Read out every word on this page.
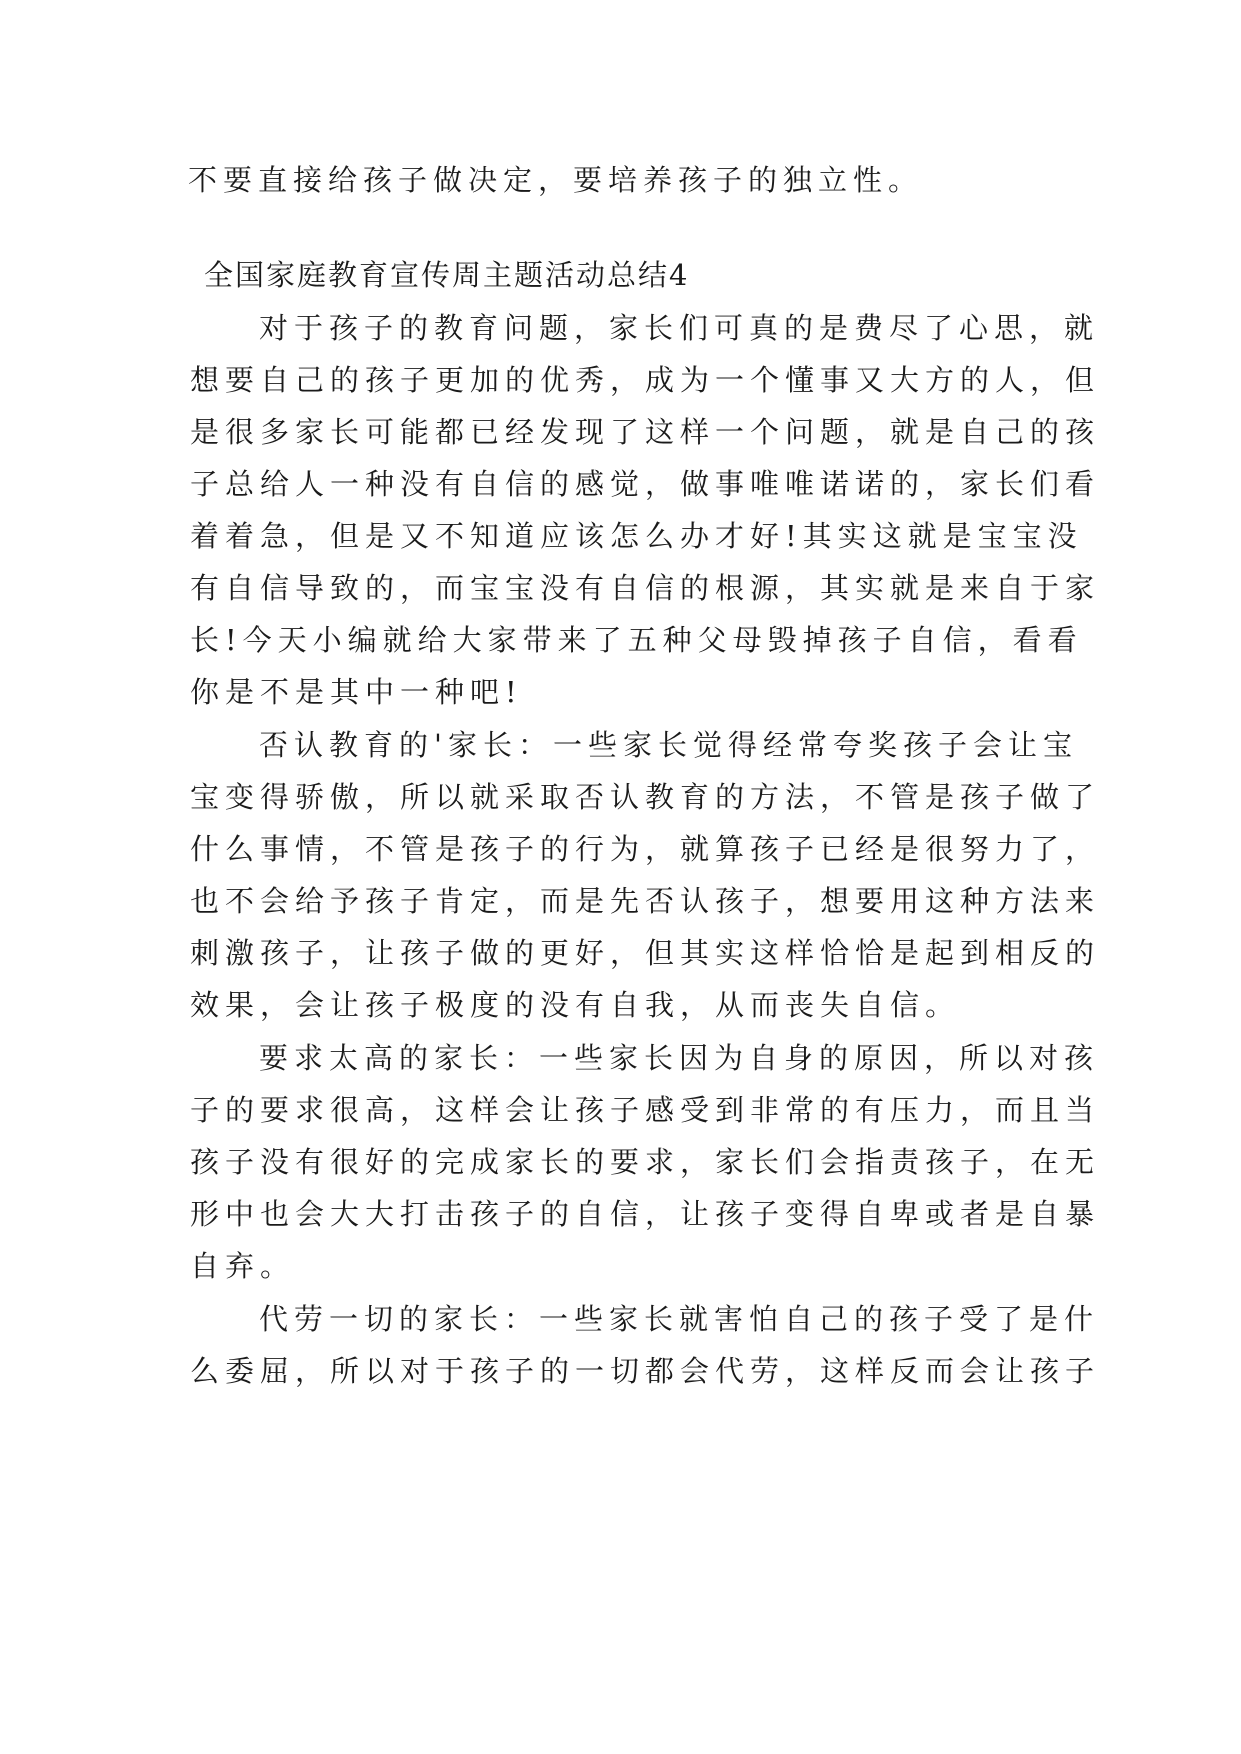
不要直接给孩子做决定，要培养孩子的独立性。
全国家庭教育宣传周主题活动总结4
对于孩子的教育问题，家长们可真的是费尽了心思，就
想要自己的孩子更加的优秀，成为一个懂事又大方的人，但
是很多家长可能都已经发现了这样一个问题，就是自己的孩
子总给人一种没有自信的感觉，做事唯唯诺诺的，家长们看
着着急，但是又不知道应该怎么办才好!其实这就是宝宝没
有自信导致的，而宝宝没有自信的根源，其实就是来自于家
长!今天小编就给大家带来了五种父母毁掉孩子自信，看看
你是不是其中一种吧!
否认教育的'家长：一些家长觉得经常夸奖孩子会让宝
宝变得骄傲，所以就采取否认教育的方法，不管是孩子做了
什么事情，不管是孩子的行为，就算孩子已经是很努力了，
也不会给予孩子肯定，而是先否认孩子，想要用这种方法来
刺激孩子，让孩子做的更好，但其实这样恰恰是起到相反的
效果，会让孩子极度的没有自我，从而丧失自信。
要求太高的家长：一些家长因为自身的原因，所以对孩
子的要求很高，这样会让孩子感受到非常的有压力，而且当
孩子没有很好的完成家长的要求，家长们会指责孩子，在无
形中也会大大打击孩子的自信，让孩子变得自卑或者是自暴
自弃。
代劳一切的家长：一些家长就害怕自己的孩子受了是什
么委屈，所以对于孩子的一切都会代劳，这样反而会让孩子
